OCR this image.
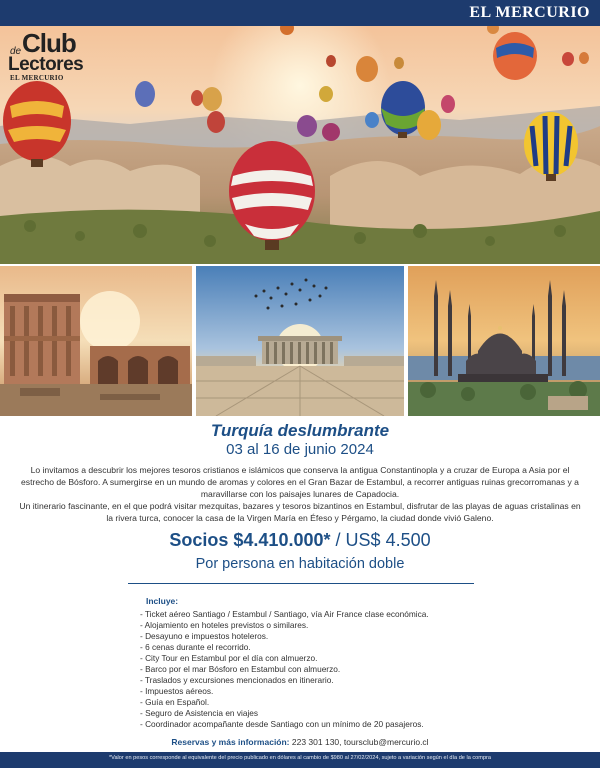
EL MERCURIO
Club
de
Lectores
EL MERCURIO
Turquía deslumbrante
03 al 16 de junio 2024

Lo invitamos a descubrir los mejores tesoros cristianos e islámicos que conserva la antigua Constantinopla y a cruzar de Europa a Asia por el estrecho de Bósforo. A sumergirse en un mundo de aromas y colores en el Gran Bazar de Estambul, a recorrer antiguas ruinas grecorromanas y a maravillarse con los paisajes lunares de Capadocia.

Un itinerario fascinante, en el que podrá visitar mezquitas, bazares y tesoros bizantinos en Estambul, disfrutar de las playas de aguas cristalinas en la rivera turca, conocer la casa de la Virgen María en Éfeso y Pérgamo, la ciudad donde vivió Galeno.

Socios $4.410.000* / US$ 4.500
Por persona en habitación doble
Incluye:
- Ticket aéreo Santiago / Estambul / Santiago, vía Air France clase económica.
- Alojamiento en hoteles previstos o similares.
- Desayuno e impuestos hoteleros.
- 6 cenas durante el recorrido.
- City Tour en Estambul por el día con almuerzo.
- Barco por el mar Bósforo en Estambul con almuerzo.
- Traslados y excursiones mencionados en itinerario.
- Impuestos aéreos.
- Guía en Español.
- Seguro de Asistencia en viajes
- Coordinador acompañante desde Santiago con un mínimo de 20 pasajeros.
Reservas y más información: 223 301 130, toursclub@mercurio.cl
*Valor en pesos corresponde al equivalente del precio publicado en dólares al cambio de $980 al 27/02/2024, sujeto a variación según el día de la compra
